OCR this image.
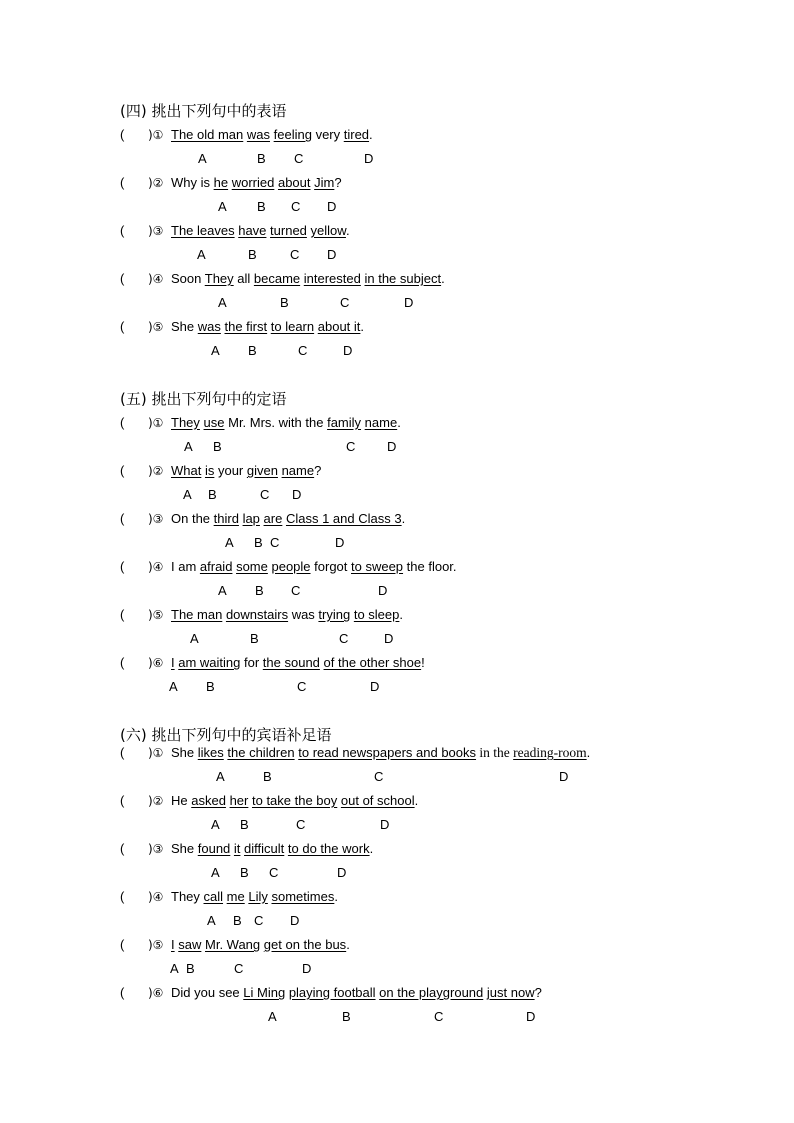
(四) 挑出下列句中的表语
( )① The old man was feeling very tired.
A	B C	D
( )② Why is he worried about Jim?
A B C D
( )③ The leaves have turned yellow.
A	B	C D
( )④ Soon They all became interested in the subject.
A	B	C	D
( )⑤ She was the first to learn about it.
A B	C	D
(五) 挑出下列句中的定语
( )① They use Mr. Mrs. with the family name.
A B	C D
( )② What is your given name?
A B	C D
( )③ On the third lap are Class 1 and Class 3.
A B C	D
( )④ I am afraid some people forgot to sweep the floor.
A B C	D
( )⑤ The man downstairs was trying to sleep.
A	B	C	D
( )⑥ I am waiting for the sound of the other shoe!
A B	C	D
(六) 挑出下列句中的宾语补足语
( )① She likes the children to read newspapers and books in the reading-room.
A	B	C	D
( )② He asked her to take the boy out of school.
A B	C	D
( )③ She found it difficult to do the work.
A B C	D
( )④ They call me Lily sometimes.
A B C D
( )⑤ I saw Mr. Wang get on the bus.
A B	C	D
( )⑥ Did you see Li Ming playing football on the playground just now?
A	B	C	D
